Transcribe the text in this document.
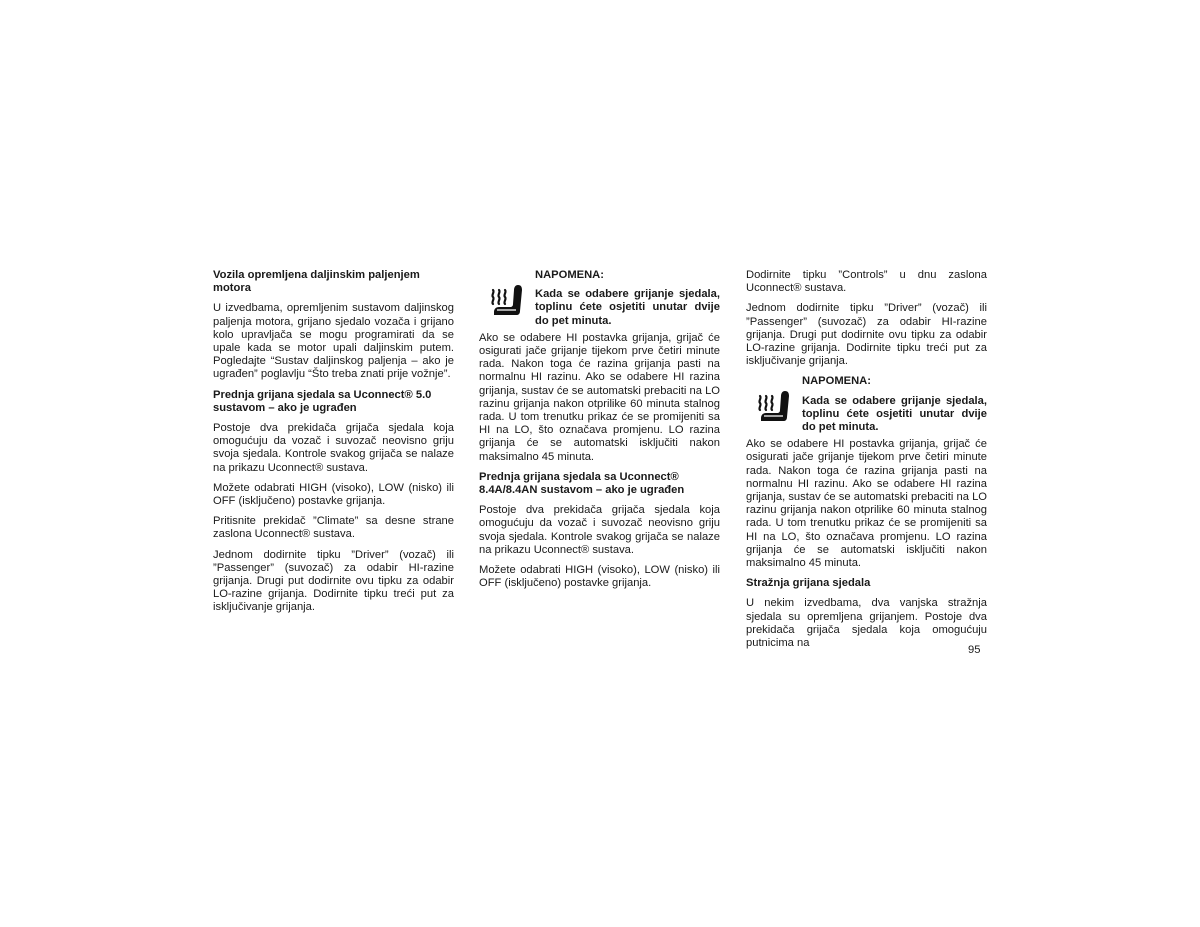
Vozila opremljena daljinskim paljenjem motora

U izvedbama, opremljenim sustavom daljinskog paljenja motora, grijano sjedalo vozača i grijano kolo upravljača se mogu programirati da se upale kada se motor upali daljinskim putem. Pogledajte “Sustav daljinskog paljenja – ako je ugrađen” poglavlju “Što treba znati prije vožnje”.

Prednja grijana sjedala sa Uconnect® 5.0 sustavom – ako je ugrađen

Postoje dva prekidača grijača sjedala koja omogućuju da vozač i suvozač neovisno griju svoja sjedala. Kontrole svakog grijača se nalaze na prikazu Uconnect® sustava.

Možete odabrati HIGH (visoko), LOW (nisko) ili OFF (isključeno) postavke grijanja.

Pritisnite prekidač ”Climate” sa desne strane zaslona Uconnect® sustava.

Jednom dodirnite tipku ”Driver” (vozač) ili ”Passenger” (suvozač) za odabir HI-razine grijanja. Drugi put dodirnite ovu tipku za odabir LO-razine grijanja. Dodirnite tipku treći put za isključivanje grijanja.

NAPOMENA:

Kada se odabere grijanje sjedala, toplinu ćete osjetiti unutar dvije do pet minuta.

Ako se odabere HI postavka grijanja, grijač će osigurati jače grijanje tijekom prve četiri minute rada. Nakon toga će razina grijanja pasti na normalnu HI razinu. Ako se odabere HI razina grijanja, sustav će se automatski prebaciti na LO razinu grijanja nakon otprilike 60 minuta stalnog rada. U tom trenutku prikaz će se promijeniti sa HI na LO, što označava promjenu. LO razina grijanja će se automatski isključiti nakon maksimalno 45 minuta.

Prednja grijana sjedala sa Uconnect® 8.4A/8.4AN sustavom – ako je ugrađen

Postoje dva prekidača grijača sjedala koja omogućuju da vozač i suvozač neovisno griju svoja sjedala. Kontrole svakog grijača se nalaze na prikazu Uconnect® sustava.

Možete odabrati HIGH (visoko), LOW (nisko) ili OFF (isključeno) postavke grijanja.

Dodirnite tipku ”Controls” u dnu zaslona Uconnect® sustava.

Jednom dodirnite tipku ”Driver” (vozač) ili ”Passenger” (suvozač) za odabir HI-razine grijanja. Drugi put dodirnite ovu tipku za odabir LO-razine grijanja. Dodirnite tipku treći put za isključivanje grijanja.

NAPOMENA:

Kada se odabere grijanje sjedala, toplinu ćete osjetiti unutar dvije do pet minuta.

Ako se odabere HI postavka grijanja, grijač će osigurati jače grijanje tijekom prve četiri minute rada. Nakon toga će razina grijanja pasti na normalnu HI razinu. Ako se odabere HI razina grijanja, sustav će se automatski prebaciti na LO razinu grijanja nakon otprilike 60 minuta stalnog rada. U tom trenutku prikaz će se promijeniti sa HI na LO, što označava promjenu. LO razina grijanja će se automatski isključiti nakon maksimalno 45 minuta.

Stražnja grijana sjedala

U nekim izvedbama, dva vanjska stražnja sjedala su opremljena grijanjem. Postoje dva prekidača grijača sjedala koja omogućuju putnicima na

95
